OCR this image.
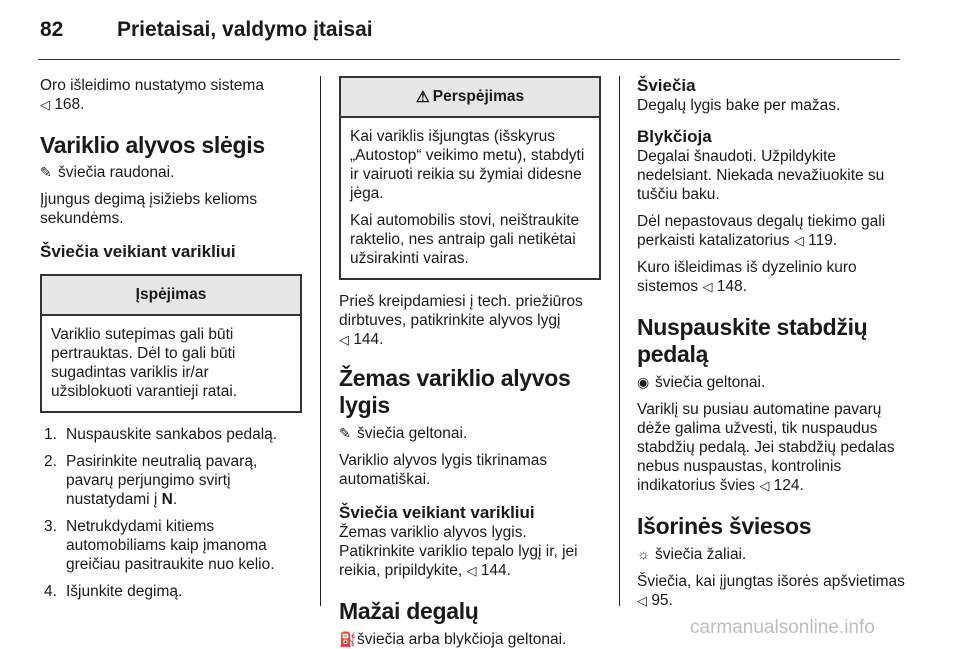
82	Prietaisai, valdymo įtaisai

Oro išleidimo nustatymo sistema
◁ 168.

Variklio alyvos slėgis

✎ šviečia raudonai.

Įjungus degimą įsižiebs kelioms sekundėms.

Šviečia veikiant varikliui
Įspėjimas

Variklio sutepimas gali būti pertrauktas. Dėl to gali būti sugadintas variklis ir/ar užsiblokuoti varantieji ratai.

1. Nuspauskite sankabos pedalą.
2. Pasirinkite neutralią pavarą, pavarų perjungimo svirtį nustatydami į N.
3. Netrukdydami kitiems automobiliams kaip įmanoma greičiau pasitraukite nuo kelio.
4. Išjunkite degimą.
⚠ Perspėjimas

Kai variklis išjungtas (išskyrus „Autostop“ veikimo metu), stabdyti ir vairuoti reikia su žymiai didesne jėga.

Kai automobilis stovi, neištraukite raktelio, nes antraip gali netikėtai užsirakinti vairas.

Prieš kreipdamiesi į tech. priežiūros dirbtuves, patikrinkite alyvos lygį
◁ 144.

Žemas variklio alyvos lygis

✎ šviečia geltonai.

Variklio alyvos lygis tikrinamas automatiškai.

Šviečia veikiant varikliui

Žemas variklio alyvos lygis.
Patikrinkite variklio tepalo lygį ir, jei reikia, pripildykite, ◁ 144.

Mažai degalų

⛽šviečia arba blykčioja geltonai.

Šviečia

Degalų lygis bake per mažas.

Blykčioja

Degalai šnaudoti. Užpildykite nedelsiant. Niekada nevažiuokite su tuščiu baku.

Dėl nepastovaus degalų tiekimo gali perkaisti katalizatorius ◁ 119.

Kuro išleidimas iš dyzelinio kuro sistemos ◁ 148.

Nuspauskite stabdžių pedalą

◉ šviečia geltonai.

Variklį su pusiau automatine pavarų dėže galima užvesti, tik nuspaudus stabdžių pedalą. Jei stabdžių pedalas nebus nuspaustas, kontrolinis indikatorius švies ◁ 124.

Išorinės šviesos

☼ šviečia žaliai.

Šviečia, kai įjungtas išorės apšvietimas
◁ 95.

carmanualsonline.info
